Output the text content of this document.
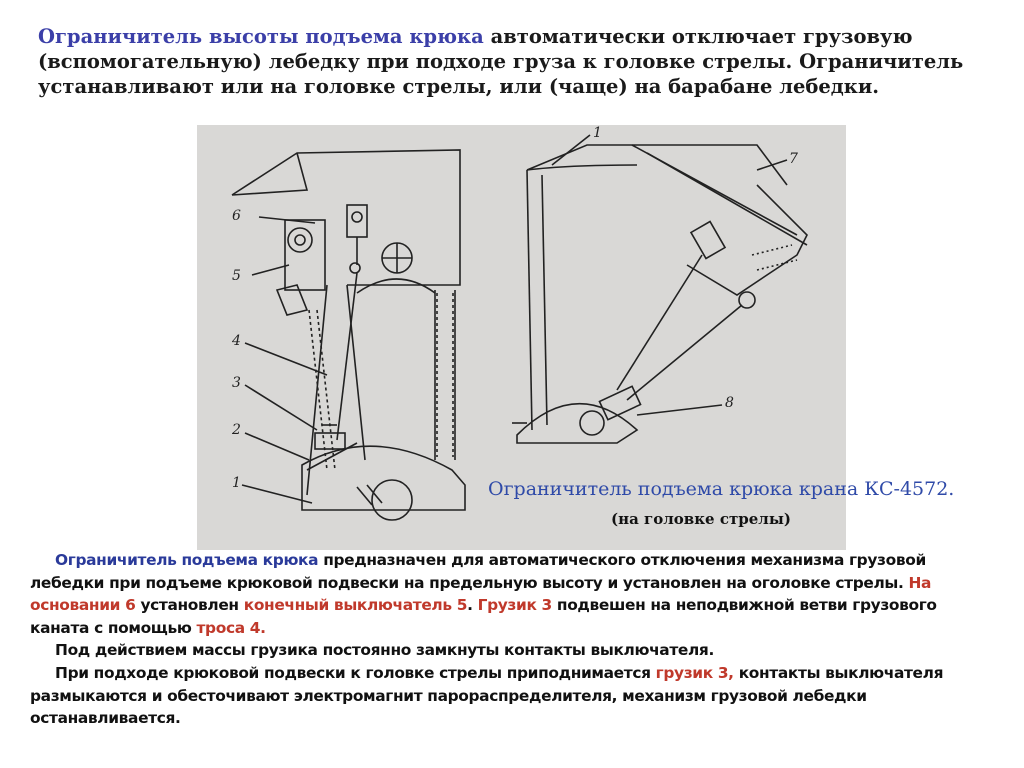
Ограничитель высоты подъема крюка автоматически отключает грузовую (вспомогательную) лебедку при подходе груза к головке стрелы. Ограничитель устанавливают или на головке стрелы, или (чаще) на барабане лебедки.

6
5
4
3
2
1
1
7
8

Ограничитель подъема крюка крана КС-4572.

(на головке стрелы)

Ограничитель подъема крюка предназначен для автоматического отключения механизма грузовой лебедки при подъеме крюковой подвески на предельную высоту и установлен на оголовке стрелы. На основании 6 установлен конечный выключатель 5. Грузик 3 подвешен на неподвижной ветви грузового каната с помощью троса 4.
Под действием массы грузика постоянно замкнуты контакты выключателя.
При подходе крюковой подвески к головке стрелы приподнимается грузик 3, контакты выключателя размыкаются и обесточивают электромагнит парораспределителя, механизм грузовой лебедки останавливается.
